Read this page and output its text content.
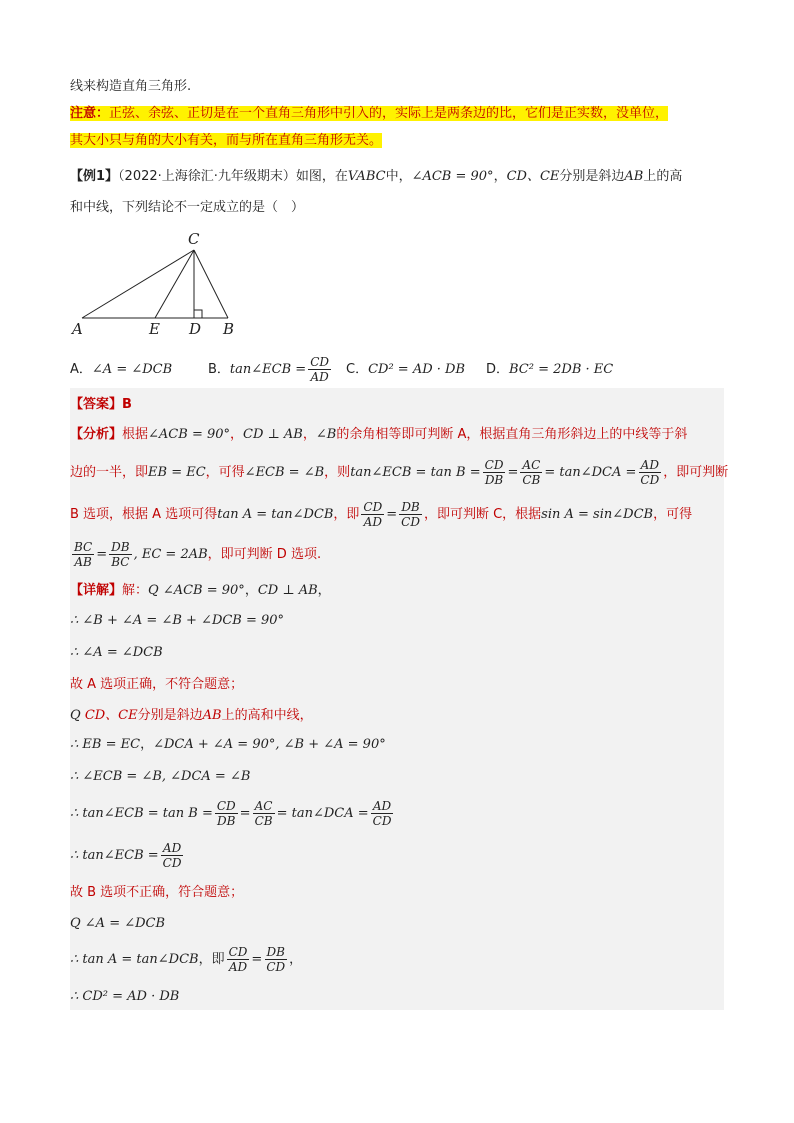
线来构造直角三角形.
注意：正弦、余弦、正切是在一个直角三角形中引入的，实际上是两条边的比，它们是正实数，没单位，
其大小只与角的大小有关，而与所在直角三角形无关。
【例1】（2022·上海徐汇·九年级期末）如图，在VABC中，∠ACB = 90°，CD、CE分别是斜边AB上的高
和中线，下列结论不一定成立的是（　）
C
A	E D B
A．∠A = ∠DCB	B．tan∠ECB = $\frac{CD}{AD}$ C．CD² = AD · DB D．BC² = 2DB · EC
【答案】B
【分析】根据∠ACB = 90°，CD ⊥ AB，∠B的余角相等即可判断 A，根据直角三角形斜边上的中线等于斜
边的一半，即EB = EC，可得∠ECB = ∠B，则tan∠ECB = $\tan B = \frac{CD}{DB} = \frac{AC}{CB}$ = tan∠DCA = $\frac{AD}{CD}$ ，即可判断
B 选项，根据 A 选项可得tan A = tan∠DCB，即 $\frac{CD}{AD} = \frac{DB}{CD}$ ，即可判断 C，根据sin A = sin∠DCB，可得
$\frac{BC}{AB} = \frac{DB}{BC}$ , EC = 2AB，即可判断 D 选项.
【详解】解：Q ∠ACB = 90°，CD ⊥ AB，
∴ ∠B + ∠A = ∠B + ∠DCB = 90°
∴ ∠A = ∠DCB
故 A 选项正确，不符合题意；
Q CD、CE分别是斜边AB上的高和中线，
∴ EB = EC，∠DCA + ∠A = 90°, ∠B + ∠A = 90°
∴ ∠ECB = ∠B, ∠DCA = ∠B
∴ tan∠ECB = $\tan B = \frac{CD}{DB} = \frac{AC}{CB}$ = tan∠DCA = $\frac{AD}{CD}$
∴ tan∠ECB = $\frac{AD}{CD}$
故 B 选项不正确，符合题意；
Q ∠A = ∠DCB
∴ tan A = tan∠DCB，即 $\frac{CD}{AD} = \frac{DB}{CD}$ ，
∴ CD² = AD · DB
